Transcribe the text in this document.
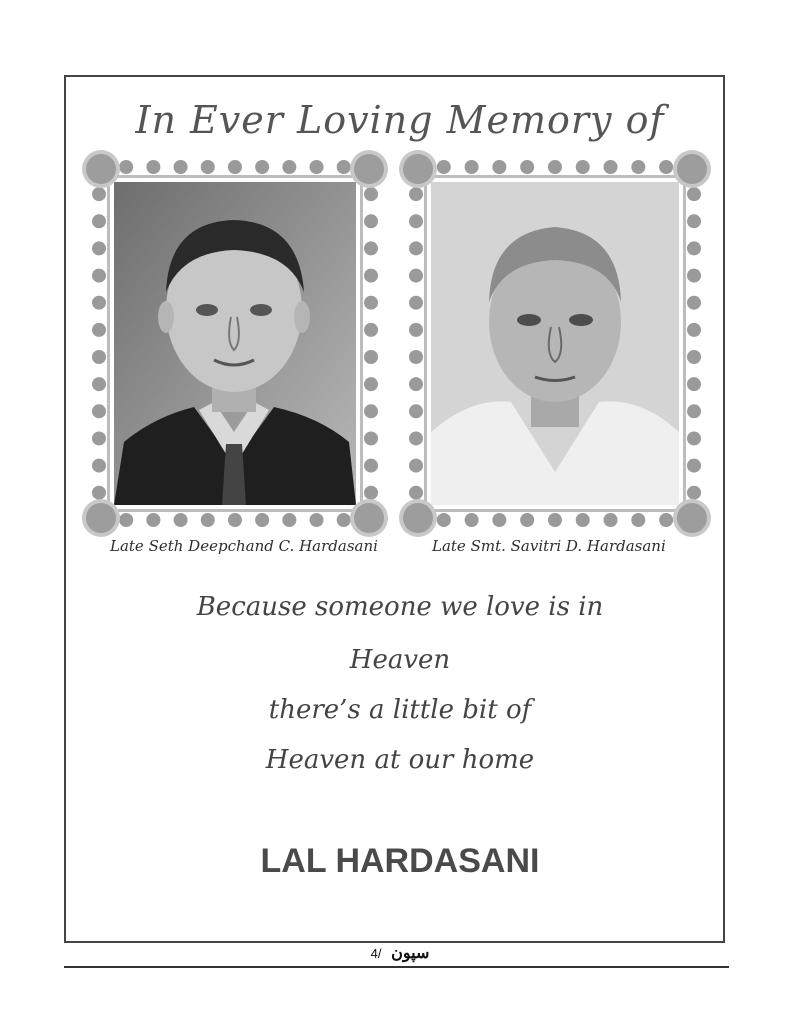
In Ever Loving Memory of
Late Seth Deepchand C. Hardasani	Late Smt. Savitri D. Hardasani
Because someone we love is in
Heaven
there’s a little bit of
Heaven at our home
LAL HARDASANI
4/ سپون
